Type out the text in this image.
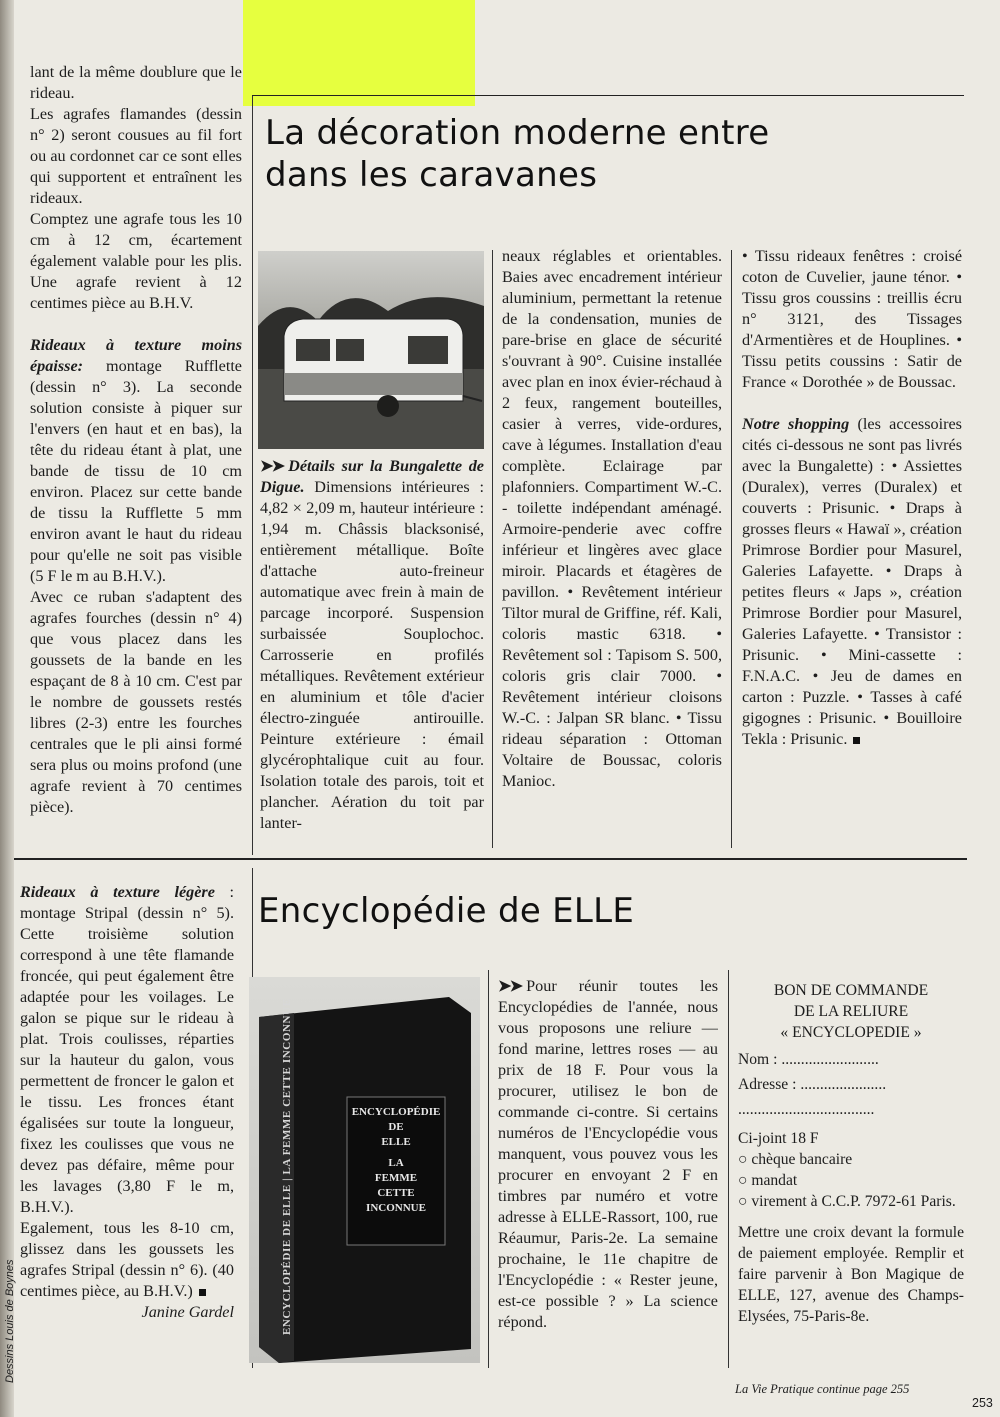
La décoration moderne entre
dans les caravanes
Encyclopédie de ELLE

lant de la même doublure que le rideau.

Les agrafes flamandes (dessin n° 2) seront cousues au fil fort ou au cordonnet car ce sont elles qui supportent et entraînent les rideaux.

Comptez une agrafe tous les 10 cm à 12 cm, écartement également valable pour les plis. Une agrafe revient à 12 centimes pièce au B.H.V.

Rideaux à texture moins épaisse: montage Rufflette (dessin n° 3). La seconde solution consiste à piquer sur l'envers (en haut et en bas), la tête du rideau étant à plat, une bande de tissu de 10 cm environ. Placez sur cette bande de tissu la Rufflette 5 mm environ avant le haut du rideau pour qu'elle ne soit pas visible (5 F le m au B.H.V.).

Avec ce ruban s'adaptent des agrafes fourches (dessin n° 4) que vous placez dans les goussets de la bande en les espaçant de 8 à 10 cm. C'est par le nombre de goussets restés libres (2-3) entre les fourches centrales que le pli ainsi formé sera plus ou moins profond (une agrafe revient à 70 centimes pièce).

Rideaux à texture légère : montage Stripal (dessin n° 5). Cette troisième solution correspond à une tête flamande froncée, qui peut également être adaptée pour les voilages. Le galon se pique sur le rideau à plat. Trois coulisses, réparties sur la hauteur du galon, vous permettent de froncer le galon et le tissu. Les fronces étant égalisées sur toute la longueur, fixez les coulisses que vous ne devez pas défaire, même pour les lavages (3,80 F le m, B.H.V.).

Egalement, tous les 8-10 cm, glissez dans les goussets les agrafes Stripal (dessin n° 6). (40 centimes pièce, au B.H.V.)

Janine Gardel

➤➤ Détails sur la Bungalette de Digue. Dimensions intérieures : 4,82 × 2,09 m, hauteur intérieure : 1,94 m. Châssis blacksonisé, entièrement métallique. Boîte d'attache auto-freineur automatique avec frein à main de parcage incorporé. Suspension surbaissée Souplochoc. Carrosserie en profilés métalliques. Revêtement extérieur en aluminium et tôle d'acier électro-zinguée antirouille. Peinture extérieure : émail glycérophtalique cuit au four. Isolation totale des parois, toit et plancher. Aération du toit par lanter-

neaux réglables et orientables. Baies avec encadrement intérieur aluminium, permettant la retenue de la condensation, munies de pare-brise en glace de sécurité s'ouvrant à 90°. Cuisine installée avec plan en inox évier-réchaud à 2 feux, rangement bouteilles, casier à verres, vide-ordures, cave à légumes. Installation d'eau complète. Eclairage par plafonniers. Compartiment W.-C. - toilette indépendant aménagé. Armoire-penderie avec coffre inférieur et lingères avec glace miroir. Placards et étagères de pavillon. • Revêtement intérieur Tiltor mural de Griffine, réf. Kali, coloris mastic 6318. • Revêtement sol : Tapisom S. 500, coloris gris clair 7000. • Revêtement intérieur cloisons W.-C. : Jalpan SR blanc. • Tissu rideau séparation : Ottoman Voltaire de Boussac, coloris Manioc.

• Tissu rideaux fenêtres : croisé coton de Cuvelier, jaune ténor. • Tissu gros coussins : treillis écru n° 3121, des Tissages d'Armentières et de Houplines. • Tissu petits coussins : Satir de France « Dorothée » de Boussac.

Notre shopping (les accessoires cités ci-dessous ne sont pas livrés avec la Bungalette) : • Assiettes (Duralex), verres (Duralex) et couverts : Prisunic. • Draps à grosses fleurs « Hawaï », création Primrose Bordier pour Masurel, Galeries Lafayette. • Draps à petites fleurs « Japs », création Primrose Bordier pour Masurel, Galeries Lafayette. • Transistor : Prisunic. • Mini-cassette : F.N.A.C. • Jeu de dames en carton : Puzzle. • Tasses à café gigognes : Prisunic. • Bouilloire Tekla : Prisunic.

ENCYCLOPÉDIE DE ELLE | LA FEMME CETTE INCONNUE	ENCYCLOPÉDIE
DE
ELLE
LA
FEMME
CETTE
INCONNUE

➤➤ Pour réunir toutes les Encyclopédies de l'année, nous vous proposons une reliure — fond marine, lettres roses — au prix de 18 F. Pour vous la procurer, utilisez le bon de commande ci-contre. Si certains numéros de l'Encyclopédie vous manquent, vous pouvez vous les procurer en envoyant 2 F en timbres par numéro et votre adresse à ELLE-Rassort, 100, rue Réaumur, Paris-2e. La semaine prochaine, le 11e chapitre de l'Encyclopédie : « Rester jeune, est-ce possible ? » La science répond.

BON DE COMMANDE

DE LA RELIURE

« ENCYCLOPEDIE »

Nom : .........................

Adresse : ......................

...................................

Ci-joint 18 F

○ chèque bancaire

○ mandat

○ virement à C.C.P. 7972-61 Paris.

Mettre une croix devant la formule de paiement employée. Remplir et faire parvenir à Bon Magique de ELLE, 127, avenue des Champs-Elysées, 75-Paris-8e.

La Vie Pratique continue page 255
253
Dessins Louis de Boynes
